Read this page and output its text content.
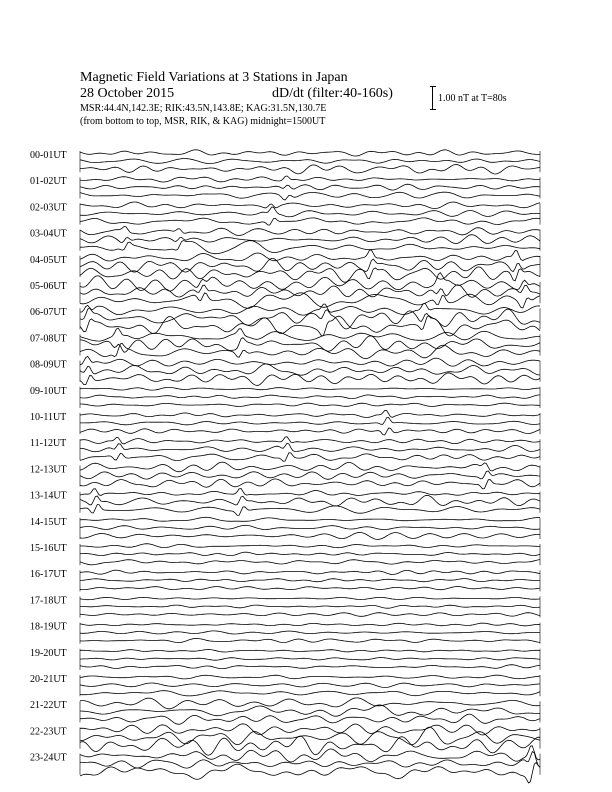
Magnetic Field Variations at 3 Stations in Japan
28 October 2015	dD/dt (filter:40-160s)
MSR:44.4N,142.3E; RIK:43.5N,143.8E; KAG:31.5N,130.7E
(from bottom to top, MSR, RIK, & KAG) midnight=1500UT
1.00 nT at T=80s
00-01UT
01-02UT
02-03UT
03-04UT
04-05UT
05-06UT
06-07UT
07-08UT
08-09UT
09-10UT
10-11UT
11-12UT
12-13UT
13-14UT
14-15UT
15-16UT
16-17UT
17-18UT
18-19UT
19-20UT
20-21UT
21-22UT
22-23UT
23-24UT
